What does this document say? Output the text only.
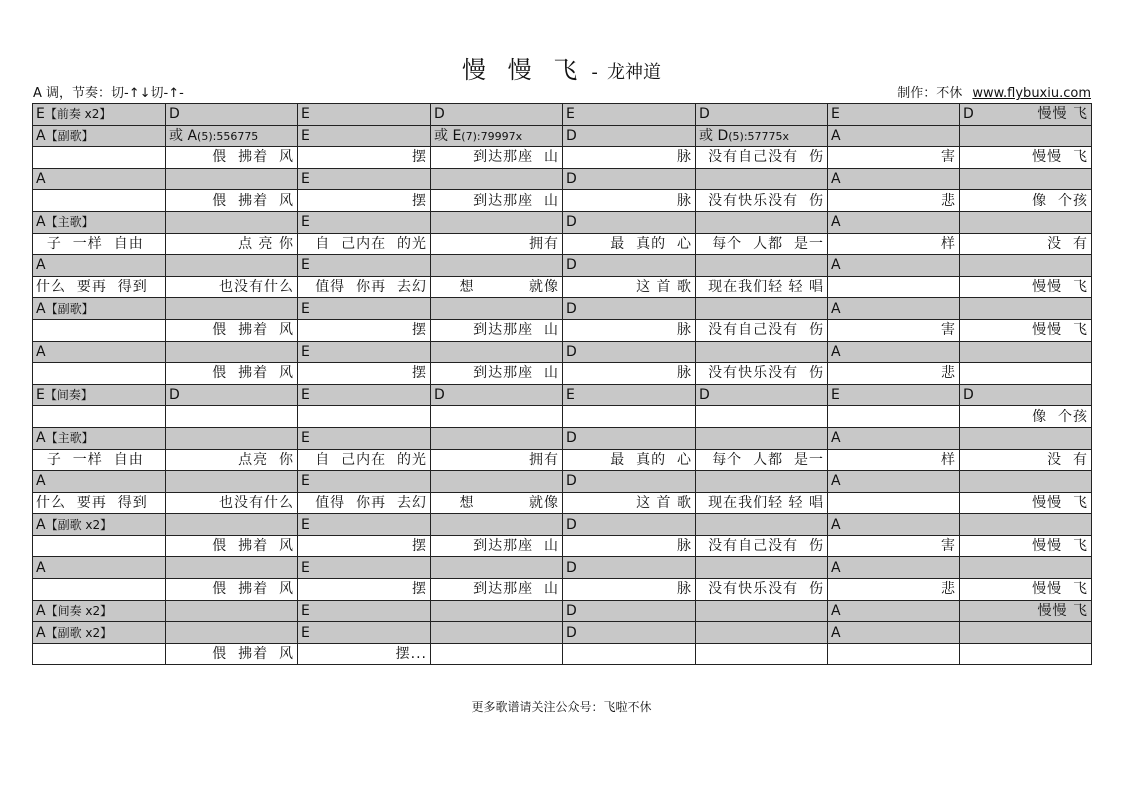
慢 慢 飞 - 龙神道
A 调，节奏：切-↑↓切-↑-	制作：不休 www.flybuxiu.com
E【前奏 x2】	D	E	D	E	D	E	D 慢慢 飞

A【副歌】	或 A(5):556775	E	或 E(7):79997x	D	或 D(5):57775x	A	
	偎  拂着  风	摆	到达那座  山	脉	没有自己没有  伤	害	慢慢  飞
A		E		D		A	
	偎  拂着  风	摆	到达那座  山	脉	没有快乐没有  伤	悲	像  个孩
A【主歌】		E		D		A	
子  一样  自由	点 亮 你	自  己内在  的光	拥有	最  真的  心	每个  人都  是一	样	没  有
A		E		D		A	
什么  要再  得到	也没有什么	值得  你再  去幻	想          就像	这 首 歌	现在我们轻 轻 唱		慢慢  飞
A【副歌】		E		D		A	
	偎  拂着  风	摆	到达那座  山	脉	没有自己没有  伤	害	慢慢  飞
A		E		D		A	
	偎  拂着  风	摆	到达那座  山	脉	没有快乐没有  伤	悲	
E【间奏】	D	E	D	E	D	E	D
							像  个孩
A【主歌】		E		D		A	
子  一样  自由	点亮  你	自  己内在  的光	拥有	最  真的  心	每个  人都  是一	样	没  有
A		E		D		A	
什么  要再  得到	也没有什么	值得  你再  去幻	想          就像	这 首 歌	现在我们轻 轻 唱		慢慢  飞
A【副歌 x2】		E		D		A	
	偎  拂着  风	摆	到达那座  山	脉	没有自己没有  伤	害	慢慢  飞
A		E		D		A	
	偎  拂着  风	摆	到达那座  山	脉	没有快乐没有  伤	悲	慢慢  飞
A【间奏 x2】		E		D		A	慢慢 飞

A【副歌 x2】		E		D		A	
	偎  拂着  风	摆...					
更多歌谱请关注公众号：飞啦不休
